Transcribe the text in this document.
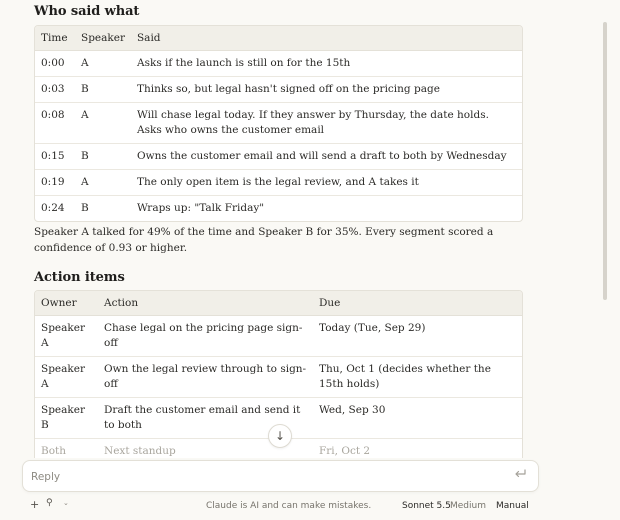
Who said what
Time	Speaker	Said
0:00	A	Asks if the launch is still on for the 15th
0:03	B	Thinks so, but legal hasn't signed off on the pricing page
0:08	A	Will chase legal today. If they answer by Thursday, the date holds. Asks who owns the customer email
0:15	B	Owns the customer email and will send a draft to both by Wednesday
0:19	A	The only open item is the legal review, and A takes it
0:24	B	Wraps up: "Talk Friday"

Speaker A talked for 49% of the time and Speaker B for 35%. Every segment scored a confidence of 0.93 or higher.

Action items
Owner	Action	Due
Speaker A	Chase legal on the pricing page sign-off	Today (Tue, Sep 29)
Speaker A	Own the legal review through to sign-off	Thu, Oct 1 (decides whether the 15th holds)
Speaker B	Draft the customer email and send it to both	Wed, Sep 30
Both	Next standup	Fri, Oct 2
↓
Reply
+ ⚲ ⌄	Claude is AI and can make mistakes.	Sonnet 5.5 Medium Manual
